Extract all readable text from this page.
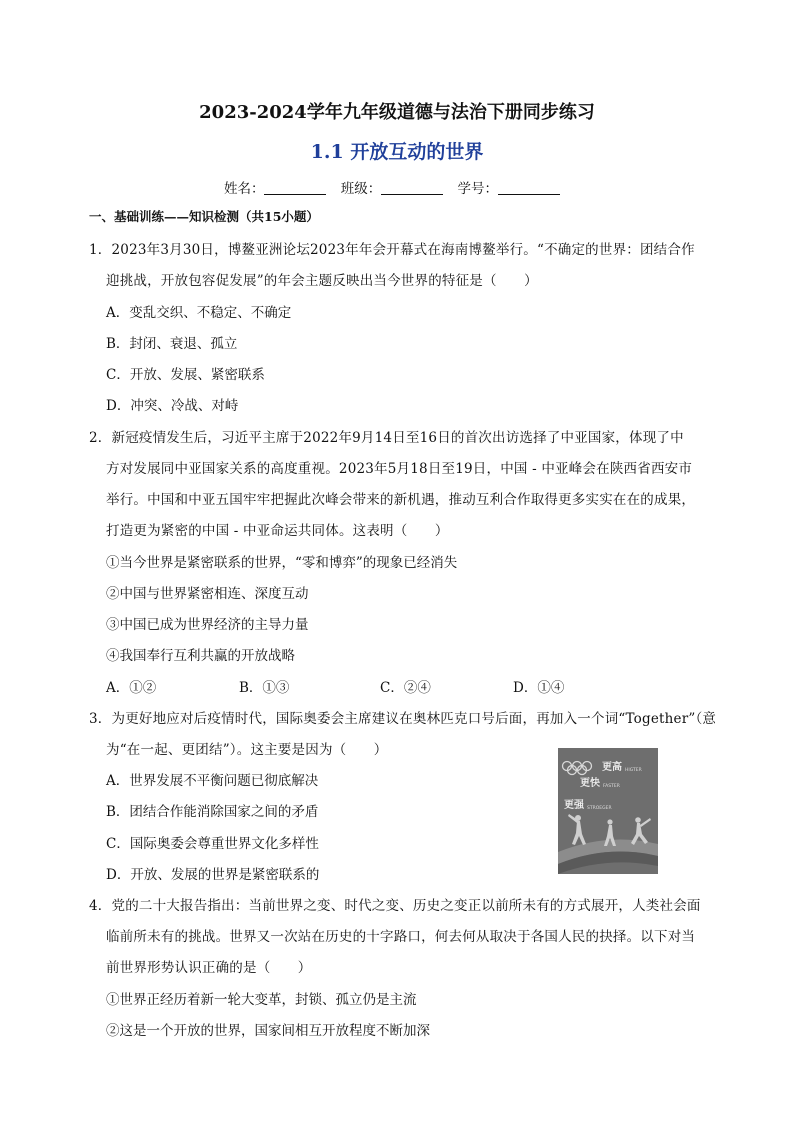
2023-2024学年九年级道德与法治下册同步练习
1.1 开放互动的世界
姓名：	班级：	学号：
一、基础训练——知识检测（共15小题）
1．2023年3月30日，博鳌亚洲论坛2023年年会开幕式在海南博鳌举行。“不确定的世界：团结合作
迎挑战，开放包容促发展”的年会主题反映出当今世界的特征是（　　）
A．变乱交织、不稳定、不确定
B．封闭、衰退、孤立
C．开放、发展、紧密联系
D．冲突、冷战、对峙
2．新冠疫情发生后，习近平主席于2022年9月14日至16日的首次出访选择了中亚国家，体现了中
方对发展同中亚国家关系的高度重视。2023年5月18日至19日，中国 - 中亚峰会在陕西省西安市
举行。中国和中亚五国牢牢把握此次峰会带来的新机遇，推动互利合作取得更多实实在在的成果，
打造更为紧密的中国 - 中亚命运共同体。这表明（　　）
①当今世界是紧密联系的世界，“零和博弈”的现象已经消失
②中国与世界紧密相连、深度互动
③中国已成为世界经济的主导力量
④我国奉行互利共赢的开放战略
A．①②	B．①③	C．②④	D．①④
3．为更好地应对后疫情时代，国际奥委会主席建议在奥林匹克口号后面，再加入一个词“Together”（意
为“在一起、更团结”）。这主要是因为（　　）
A．世界发展不平衡问题已彻底解决
B．团结合作能消除国家之间的矛盾
C．国际奥委会尊重世界文化多样性
D．开放、发展的世界是紧密联系的
更高 HIGTER
更快 FASTER
更强 STROEGER
4．党的二十大报告指出：当前世界之变、时代之变、历史之变正以前所未有的方式展开，人类社会面
临前所未有的挑战。世界又一次站在历史的十字路口，何去何从取决于各国人民的抉择。以下对当
前世界形势认识正确的是（　　）
①世界正经历着新一轮大变革，封锁、孤立仍是主流
②这是一个开放的世界，国家间相互开放程度不断加深
